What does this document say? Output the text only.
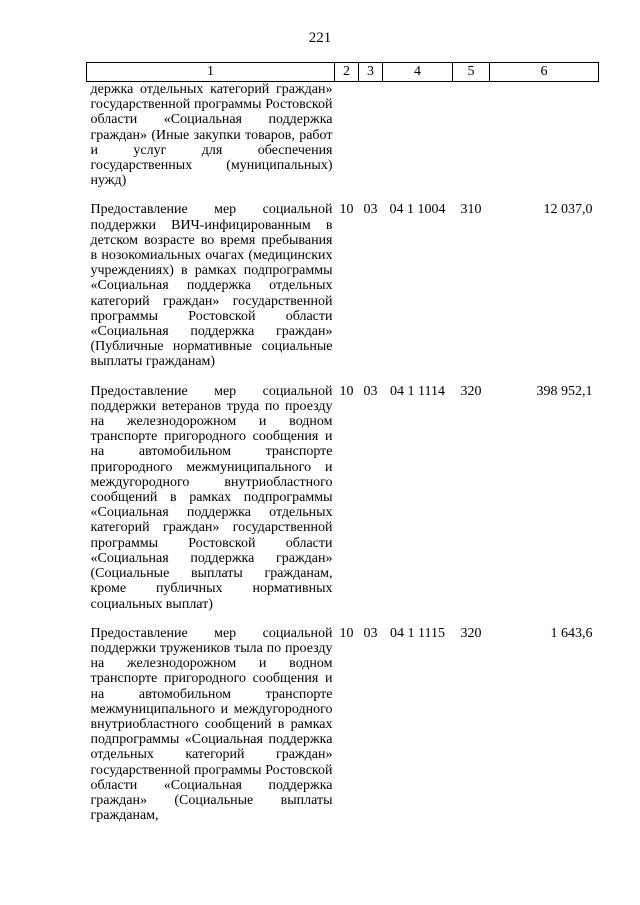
221
1	2	3	4	5	6
держка отдельных категорий граждан» государственной программы Ростовской области «Социальная поддержка граждан» (Иные закупки товаров, работ и услуг для обеспечения государственных (муниципальных) нужд)					
Предоставление мер социальной поддержки ВИЧ-инфицированным в детском возрасте во время пребывания в нозокомиальных очагах (медицинских учреждениях) в рамках подпрограммы «Социальная поддержка отдельных категорий граждан» государственной программы Ростовской области «Социальная поддержка граждан» (Публичные нормативные социальные выплаты гражданам)	10	03	04 1 1004	310	12 037,0
Предоставление мер социальной поддержки ветеранов труда по проезду на железнодорожном и водном транспорте пригородного сообщения и на автомобильном транспорте пригородного межмуниципального и междугородного внутриобластного сообщений в рамках подпрограммы «Социальная поддержка отдельных категорий граждан» государственной программы Ростовской области «Социальная поддержка граждан» (Социальные выплаты гражданам, кроме публичных нормативных социальных выплат)	10	03	04 1 1114	320	398 952,1
Предоставление мер социальной поддержки тружеников тыла по проезду на железнодорожном и водном транспорте пригородного сообщения и на автомобильном транспорте межмуниципального и междугородного внутриобластного сообщений в рамках подпрограммы «Социальная поддержка отдельных категорий граждан» государственной программы Ростовской области «Социальная поддержка граждан» (Социальные выплаты гражданам,	10	03	04 1 1115	320	1 643,6
